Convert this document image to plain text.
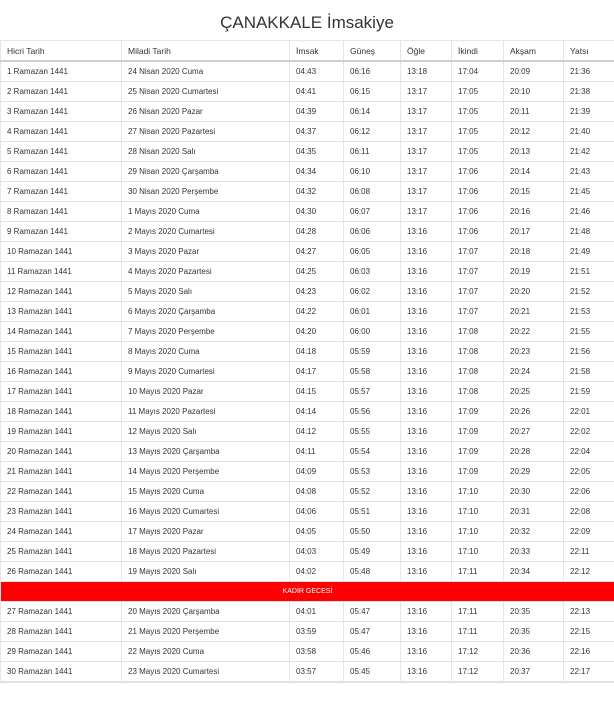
ÇANAKKALE İmsakiye
Hicri Tarih	Miladi Tarih	İmsak	Güneş	Öğle	İkindi	Akşam	Yatsı
1 Ramazan 1441	24 Nisan 2020 Cuma	04:43	06:16	13:18	17:04	20:09	21:36
2 Ramazan 1441	25 Nisan 2020 Cumartesi	04:41	06:15	13:17	17:05	20:10	21:38
3 Ramazan 1441	26 Nisan 2020 Pazar	04:39	06:14	13:17	17:05	20:11	21:39
4 Ramazan 1441	27 Nisan 2020 Pazartesi	04:37	06:12	13:17	17:05	20:12	21:40
5 Ramazan 1441	28 Nisan 2020 Salı	04:35	06:11	13:17	17:05	20:13	21:42
6 Ramazan 1441	29 Nisan 2020 Çarşamba	04:34	06:10	13:17	17:06	20:14	21:43
7 Ramazan 1441	30 Nisan 2020 Perşembe	04:32	06:08	13:17	17:06	20:15	21:45
8 Ramazan 1441	1 Mayıs 2020 Cuma	04:30	06:07	13:17	17:06	20:16	21:46
9 Ramazan 1441	2 Mayıs 2020 Cumartesi	04:28	06:06	13:16	17:06	20:17	21:48
10 Ramazan 1441	3 Mayıs 2020 Pazar	04:27	06:05	13:16	17:07	20:18	21:49
11 Ramazan 1441	4 Mayıs 2020 Pazartesi	04:25	06:03	13:16	17:07	20:19	21:51
12 Ramazan 1441	5 Mayıs 2020 Salı	04:23	06:02	13:16	17:07	20:20	21:52
13 Ramazan 1441	6 Mayıs 2020 Çarşamba	04:22	06:01	13:16	17:07	20:21	21:53
14 Ramazan 1441	7 Mayıs 2020 Perşembe	04:20	06:00	13:16	17:08	20:22	21:55
15 Ramazan 1441	8 Mayıs 2020 Cuma	04:18	05:59	13:16	17:08	20:23	21:56
16 Ramazan 1441	9 Mayıs 2020 Cumartesi	04:17	05:58	13:16	17:08	20:24	21:58
17 Ramazan 1441	10 Mayıs 2020 Pazar	04:15	05:57	13:16	17:08	20:25	21:59
18 Ramazan 1441	11 Mayıs 2020 Pazartesi	04:14	05:56	13:16	17:09	20:26	22:01
19 Ramazan 1441	12 Mayıs 2020 Salı	04:12	05:55	13:16	17:09	20:27	22:02
20 Ramazan 1441	13 Mayıs 2020 Çarşamba	04:11	05:54	13:16	17:09	20:28	22:04
21 Ramazan 1441	14 Mayıs 2020 Perşembe	04:09	05:53	13:16	17:09	20:29	22:05
22 Ramazan 1441	15 Mayıs 2020 Cuma	04:08	05:52	13:16	17:10	20:30	22:06
23 Ramazan 1441	16 Mayıs 2020 Cumartesi	04:06	05:51	13:16	17:10	20:31	22:08
24 Ramazan 1441	17 Mayıs 2020 Pazar	04:05	05:50	13:16	17:10	20:32	22:09
25 Ramazan 1441	18 Mayıs 2020 Pazartesi	04:03	05:49	13:16	17:10	20:33	22:11
26 Ramazan 1441	19 Mayıs 2020 Salı	04:02	05:48	13:16	17:11	20:34	22:12
KADİR GECESİ							
27 Ramazan 1441	20 Mayıs 2020 Çarşamba	04:01	05:47	13:16	17:11	20:35	22:13
28 Ramazan 1441	21 Mayıs 2020 Perşembe	03:59	05:47	13:16	17:11	20:35	22:15
29 Ramazan 1441	22 Mayıs 2020 Cuma	03:58	05:46	13:16	17:12	20:36	22:16
30 Ramazan 1441	23 Mayıs 2020 Cumartesi	03:57	05:45	13:16	17:12	20:37	22:17
